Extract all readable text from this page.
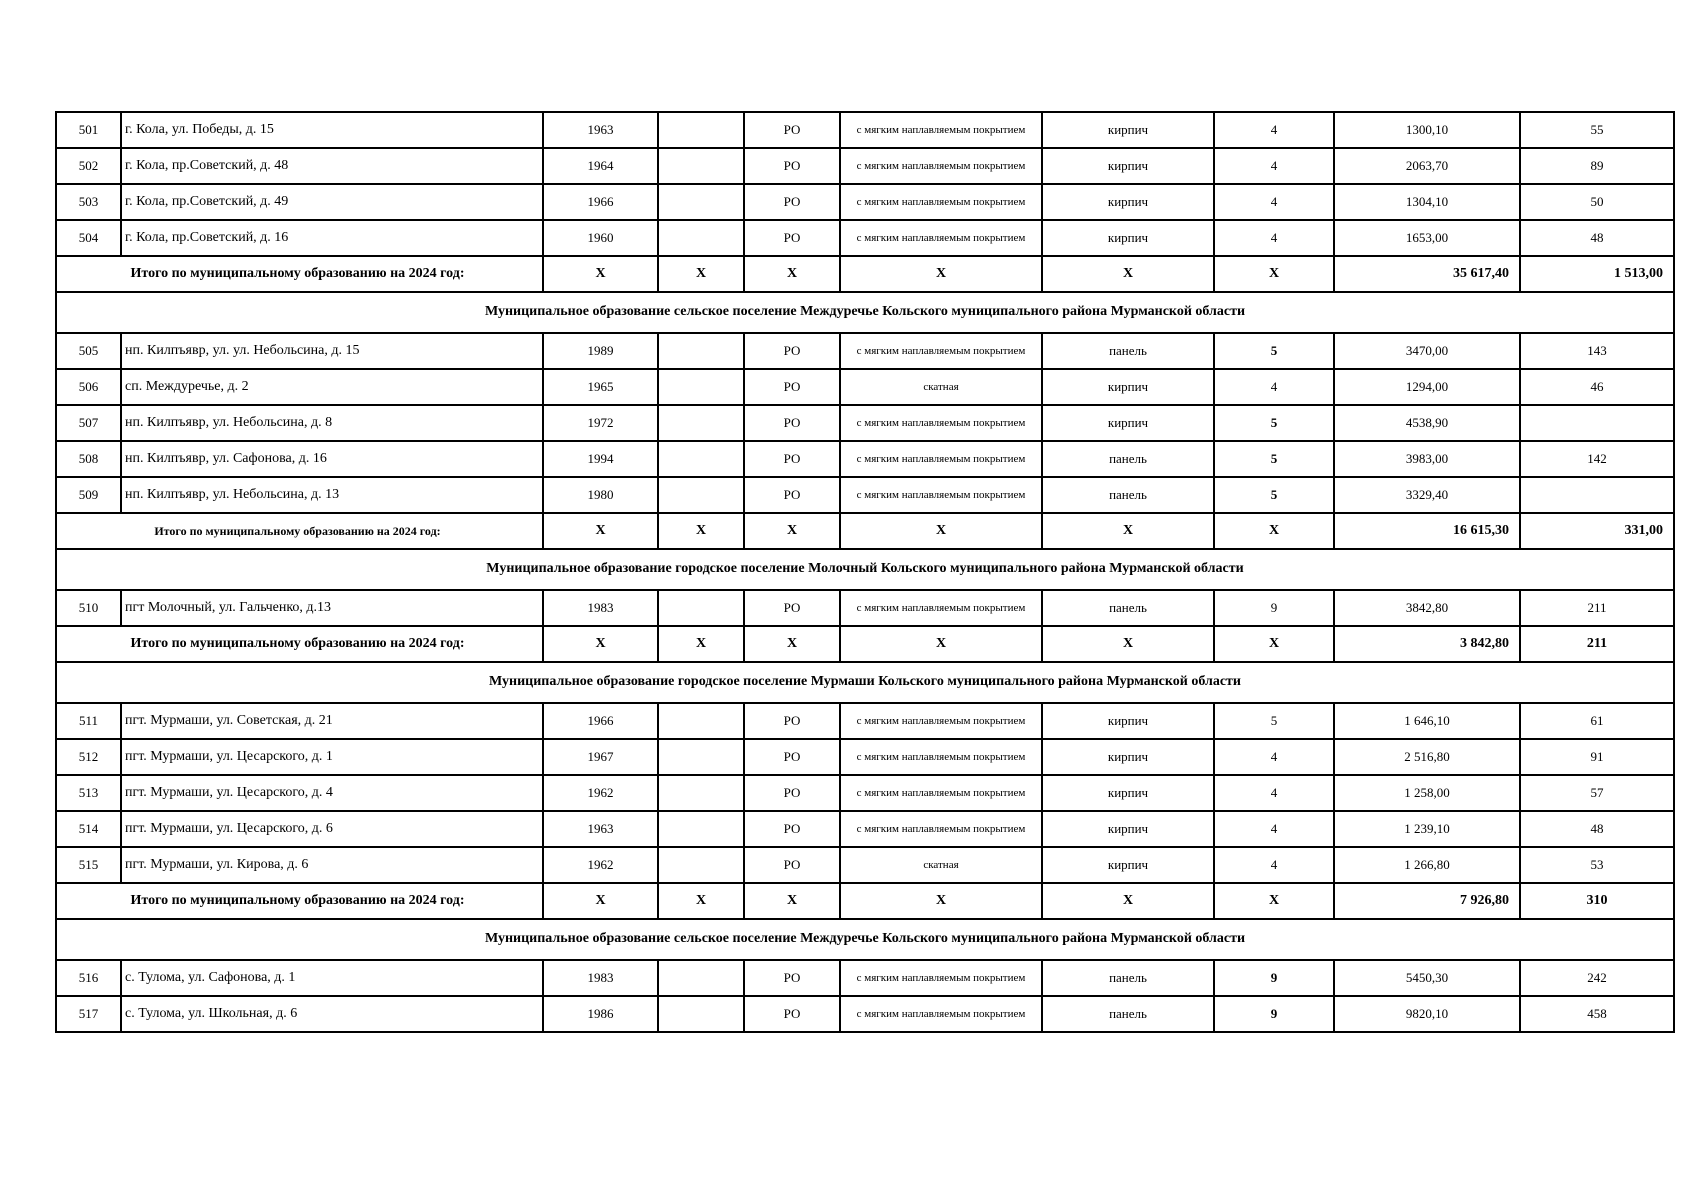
501	г. Кола, ул. Победы, д. 15	1963		РО	с мягким наплавляемым покрытием	кирпич	4	1300,10	55
502	г. Кола, пр.Советский, д. 48	1964		РО	с мягким наплавляемым покрытием	кирпич	4	2063,70	89
503	г. Кола, пр.Советский, д. 49	1966		РО	с мягким наплавляемым покрытием	кирпич	4	1304,10	50
504	г. Кола, пр.Советский, д. 16	1960		РО	с мягким наплавляемым покрытием	кирпич	4	1653,00	48
Итого по муниципальному образованию на 2024 год:		X	X	X	X	X	X	35 617,40	1 513,00
Муниципальное образование сельское поселение Междуречье Кольского муниципального района Мурманской области									
505	нп. Килпъявр, ул. ул. Небольсина, д. 15	1989		РО	с мягким наплавляемым покрытием	панель	5	3470,00	143
506	сп. Междуречье, д. 2	1965		РО	скатная	кирпич	4	1294,00	46
507	нп. Килпъявр, ул. Небольсина, д. 8	1972		РО	с мягким наплавляемым покрытием	кирпич	5	4538,90	
508	нп. Килпъявр, ул. Сафонова, д. 16	1994		РО	с мягким наплавляемым покрытием	панель	5	3983,00	142
509	нп. Килпъявр, ул. Небольсина, д. 13	1980		РО	с мягким наплавляемым покрытием	панель	5	3329,40	
Итого по муниципальному образованию на 2024 год:		X	X	X	X	X	X	16 615,30	331,00
Муниципальное образование городское поселение Молочный Кольского муниципального района Мурманской области									
510	пгт Молочный, ул. Гальченко, д.13	1983		РО	с мягким наплавляемым покрытием	панель	9	3842,80	211
Итого по муниципальному образованию на 2024 год:		X	X	X	X	X	X	3 842,80	211
Муниципальное образование городское поселение Мурмаши Кольского муниципального района Мурманской области									
511	пгт. Мурмаши, ул. Советская, д. 21	1966		РО	с мягким наплавляемым покрытием	кирпич	5	1 646,10	61
512	пгт. Мурмаши, ул. Цесарского, д. 1	1967		РО	с мягким наплавляемым покрытием	кирпич	4	2 516,80	91
513	пгт. Мурмаши, ул. Цесарского, д. 4	1962		РО	с мягким наплавляемым покрытием	кирпич	4	1 258,00	57
514	пгт. Мурмаши, ул. Цесарского, д. 6	1963		РО	с мягким наплавляемым покрытием	кирпич	4	1 239,10	48
515	пгт. Мурмаши, ул. Кирова, д. 6	1962		РО	скатная	кирпич	4	1 266,80	53
Итого по муниципальному образованию на 2024 год:		X	X	X	X	X	X	7 926,80	310
Муниципальное образование сельское поселение Междуречье Кольского муниципального района Мурманской области									
516	с. Тулома, ул. Сафонова, д. 1	1983		РО	с мягким наплавляемым покрытием	панель	9	5450,30	242
517	с. Тулома, ул. Школьная, д. 6	1986		РО	с мягким наплавляемым покрытием	панель	9	9820,10	458
